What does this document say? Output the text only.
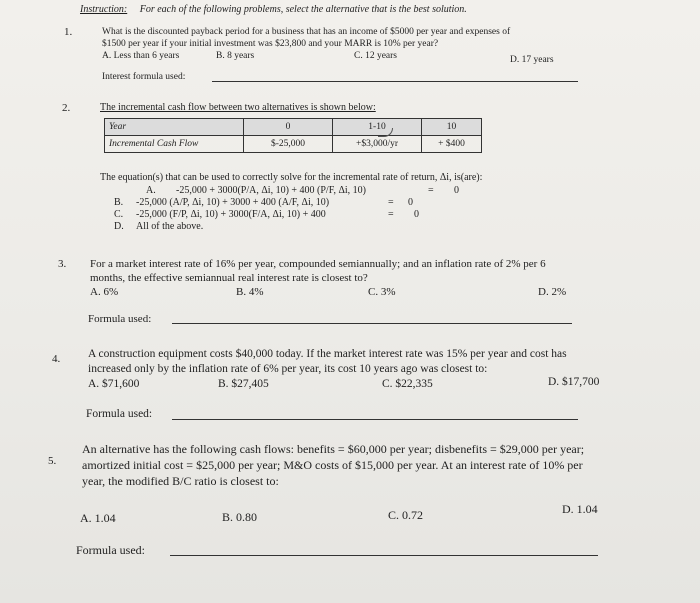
Instruction: For each of the following problems, select the alternative that is the best solution.
1.	What is the discounted payback period for a business that has an income of $5000 per year and expenses of
$1500 per year if your initial investment was $23,800 and your MARR is 10% per year?
A. Less than 6 years	B. 8 years	C. 12 years	D. 17 years
Interest formula used:
2.	The incremental cash flow between two alternatives is shown below:
Year	0	1-10	10
Incremental Cash Flow	$-25,000	+$3,000/yr	+ $400
The equation(s) that can be used to correctly solve for the incremental rate of return, Δi, is(are):
A. -25,000 + 3000(P/A, Δi, 10) + 400 (P/F, Δi, 10)	= 0
B. -25,000 (A/P, Δi, 10) + 3000 + 400 (A/F, Δi, 10)	= 0
C. -25,000 (F/P, Δi, 10) + 3000(F/A, Δi, 10) + 400	= 0
D. All of the above.
3. For a market interest rate of 16% per year, compounded semiannually; and an inflation rate of 2% per 6
months, the effective semiannual real interest rate is closest to?
A. 6%	B. 4%	C. 3%	D. 2%
Formula used:
4. A construction equipment costs $40,000 today. If the market interest rate was 15% per year and cost has
increased only by the inflation rate of 6% per year, its cost 10 years ago was closest to:
A. $71,600	B. $27,405	C. $22,335	D. $17,700
Formula used:
5.
An alternative has the following cash flows: benefits = $60,000 per year; disbenefits = $29,000 per year;
amortized initial cost = $25,000 per year; M&O costs of $15,000 per year. At an interest rate of 10% per
year, the modified B/C ratio is closest to:
A. 1.04	B. 0.80	C. 0.72	D. 1.04
Formula used:
